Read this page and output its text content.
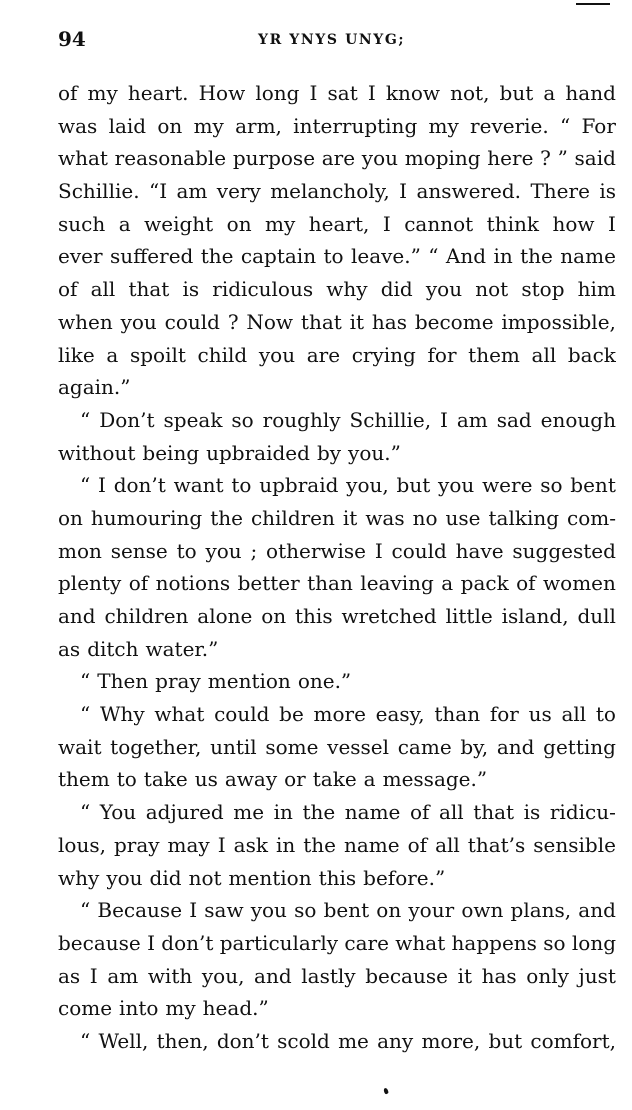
94	YR YNYS UNYG;
of my heart. How long I sat I know not, but a hand
was laid on my arm, interrupting my reverie. “ For
what reasonable purpose are you moping here ? ” said
Schillie. “I am very melancholy, I answered. There is
such a weight on my heart, I cannot think how I
ever suffered the captain to leave.” “ And in the name
of all that is ridiculous why did you not stop him
when you could ? Now that it has become impossible,
like a spoilt child you are crying for them all back
again.”
“ Don’t speak so roughly Schillie, I am sad enough
without being upbraided by you.”
“ I don’t want to upbraid you, but you were so bent
on humouring the children it was no use talking com-
mon sense to you ; otherwise I could have suggested
plenty of notions better than leaving a pack of women
and children alone on this wretched little island, dull
as ditch water.”
“ Then pray mention one.”
“ Why what could be more easy, than for us all to
wait together, until some vessel came by, and getting
them to take us away or take a message.”
“ You adjured me in the name of all that is ridicu-
lous, pray may I ask in the name of all that’s sensible
why you did not mention this before.”
“ Because I saw you so bent on your own plans, and
because I don’t particularly care what happens so long
as I am with you, and lastly because it has only just
come into my head.”
“ Well, then, don’t scold me any more, but comfort,
